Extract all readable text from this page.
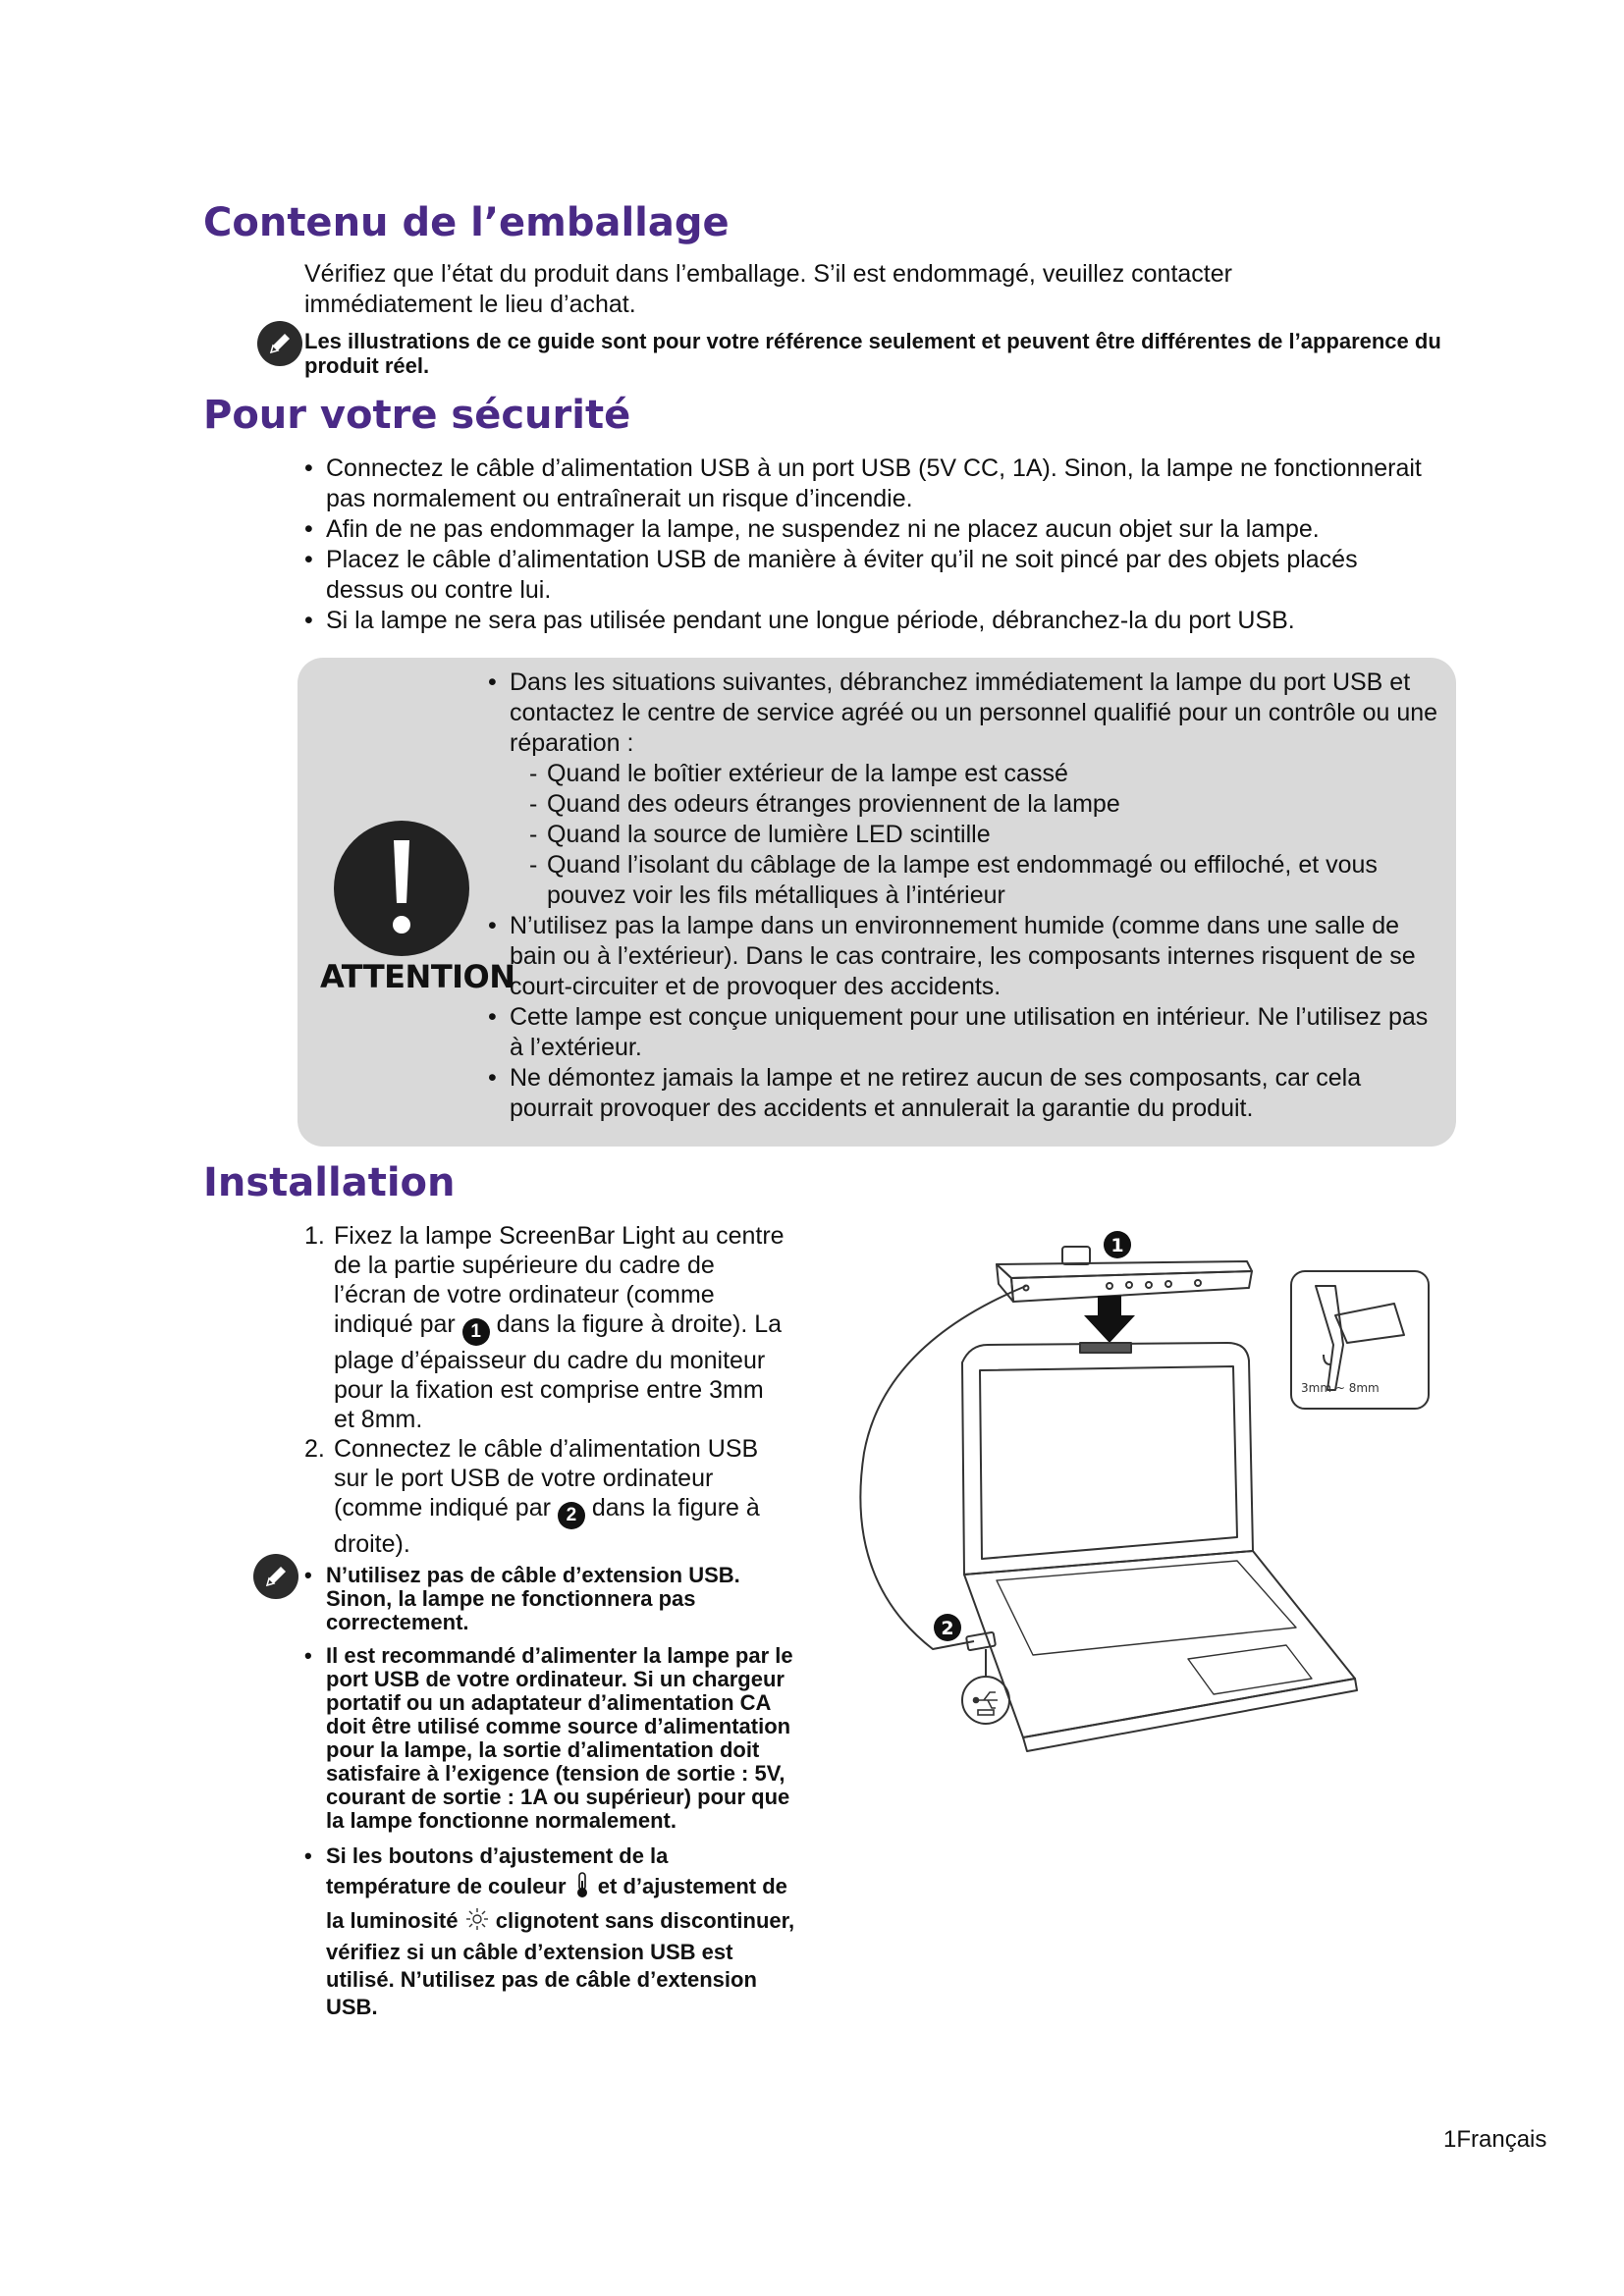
Contenu de l’emballage
Vérifiez que l’état du produit dans l’emballage. S’il est endommagé, veuillez contacter immédiatement le lieu d’achat.
Les illustrations de ce guide sont pour votre référence seulement et peuvent être différentes de l’apparence du produit réel.
Pour votre sécurité
• Connectez le câble d’alimentation USB à un port USB (5V CC, 1A). Sinon, la lampe ne fonctionnerait pas normalement ou entraînerait un risque d’incendie.
• Afin de ne pas endommager la lampe, ne suspendez ni ne placez aucun objet sur la lampe.
• Placez le câble d’alimentation USB de manière à éviter qu’il ne soit pincé par des objets placés dessus ou contre lui.
• Si la lampe ne sera pas utilisée pendant une longue période, débranchez-la du port USB.
ATTENTION
• Dans les situations suivantes, débranchez immédiatement la lampe du port USB et contactez le centre de service agréé ou un personnel qualifié pour un contrôle ou une réparation :
- Quand le boîtier extérieur de la lampe est cassé
- Quand des odeurs étranges proviennent de la lampe
- Quand la source de lumière LED scintille
- Quand l’isolant du câblage de la lampe est endommagé ou effiloché, et vous pouvez voir les fils métalliques à l’intérieur
• N’utilisez pas la lampe dans un environnement humide (comme dans une salle de bain ou à l’extérieur). Dans le cas contraire, les composants internes risquent de se court-circuiter et de provoquer des accidents.
• Cette lampe est conçue uniquement pour une utilisation en intérieur. Ne l’utilisez pas à l’extérieur.
• Ne démontez jamais la lampe et ne retirez aucun de ses composants, car cela pourrait provoquer des accidents et annulerait la garantie du produit.
Installation
1. Fixez la lampe ScreenBar Light au centre de la partie supérieure du cadre de l’écran de votre ordinateur (comme indiqué par 1 dans la figure à droite). La plage d’épaisseur du cadre du moniteur pour la fixation est comprise entre 3mm et 8mm.
2. Connectez le câble d’alimentation USB sur le port USB de votre ordinateur (comme indiqué par 2 dans la figure à droite).
• N’utilisez pas de câble d’extension USB. Sinon, la lampe ne fonctionnera pas correctement.
• Il est recommandé d’alimenter la lampe par le port USB de votre ordinateur. Si un chargeur portatif ou un adaptateur d’alimentation CA doit être utilisé comme source d’alimentation pour la lampe, la sortie d’alimentation doit satisfaire à l’exigence (tension de sortie : 5V, courant de sortie : 1A ou supérieur) pour que la lampe fonctionne normalement.
• Si les boutons d’ajustement de la température de couleur et d’ajustement de la luminosité clignotent sans discontinuer, vérifiez si un câble d’extension USB est utilisé. N’utilisez pas de câble d’extension USB.
1
2
3mm ~ 8mm
1Français
